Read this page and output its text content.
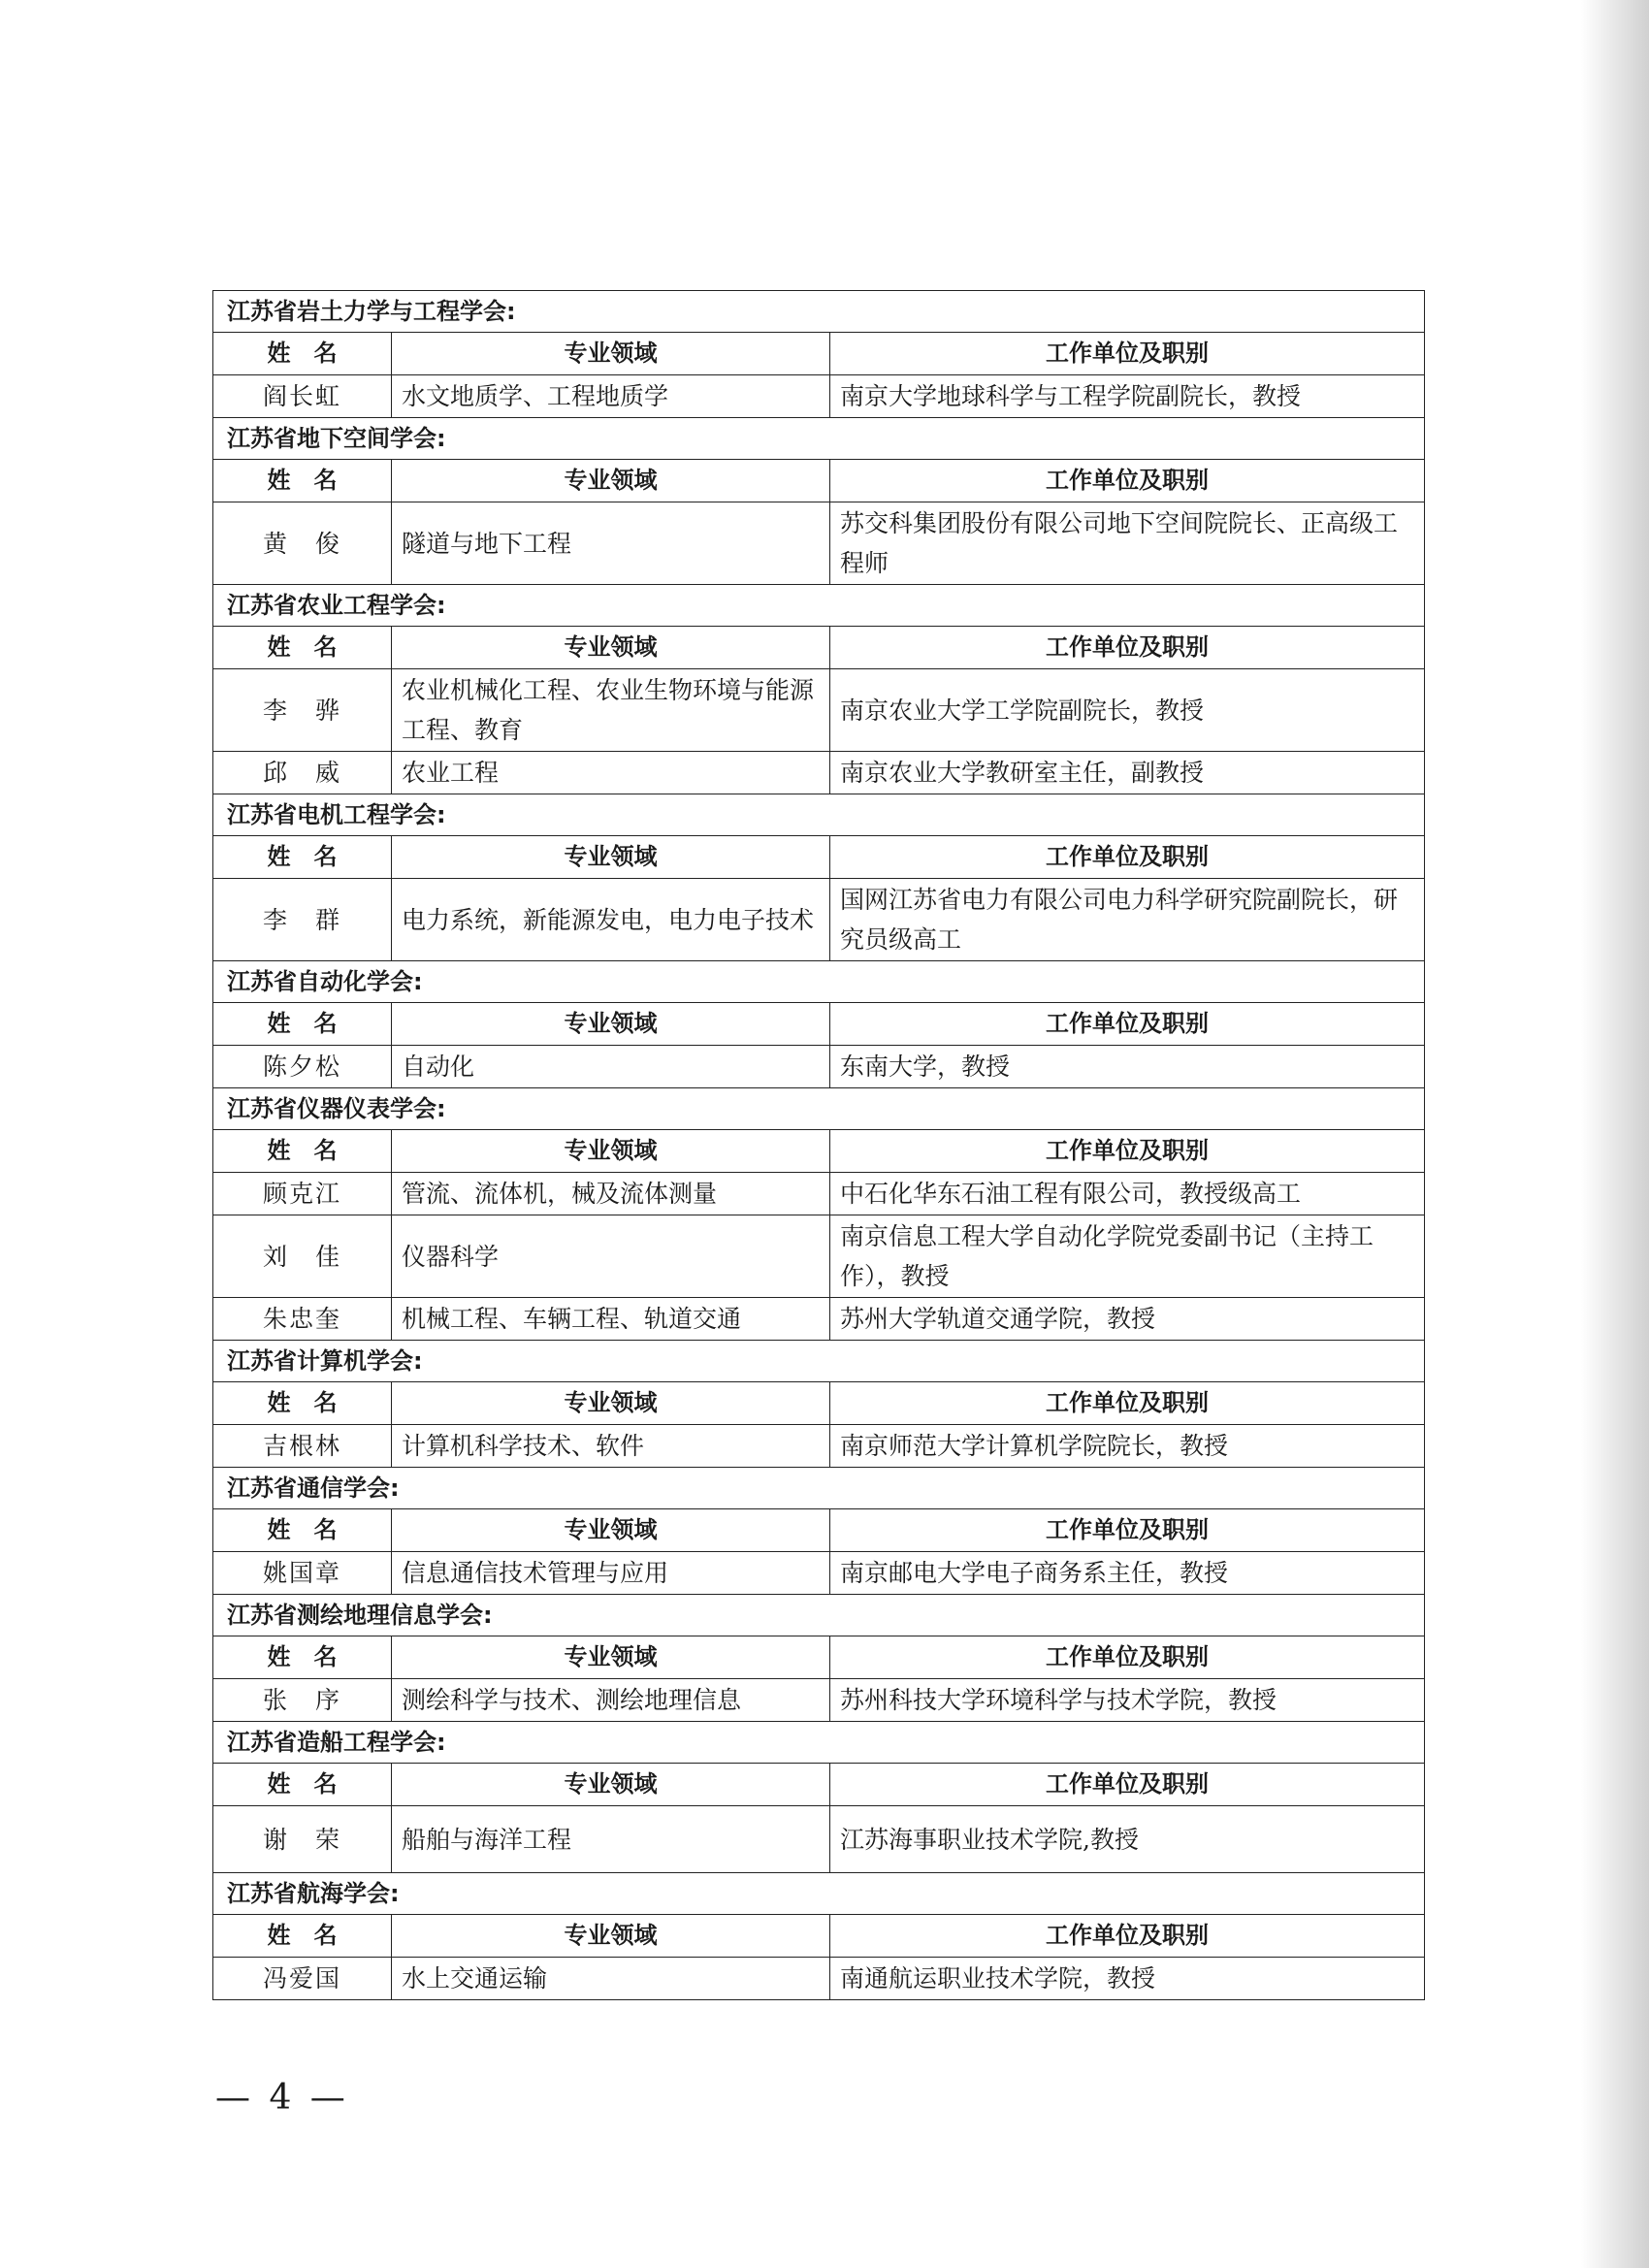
江苏省岩土力学与工程学会:		
姓　名	专业领域	工作单位及职别
阎长虹	水文地质学、工程地质学	南京大学地球科学与工程学院副院长，教授
江苏省地下空间学会:		
姓　名	专业领域	工作单位及职别
黄　俊	隧道与地下工程	苏交科集团股份有限公司地下空间院院长、正高级工程师
江苏省农业工程学会:		
姓　名	专业领域	工作单位及职别
李　骅	农业机械化工程、农业生物环境与能源工程、教育	南京农业大学工学院副院长，教授
邱　威	农业工程	南京农业大学教研室主任，副教授
江苏省电机工程学会:		
姓　名	专业领域	工作单位及职别
李　群	电力系统，新能源发电，电力电子技术	国网江苏省电力有限公司电力科学研究院副院长，研究员级高工
江苏省自动化学会:		
姓　名	专业领域	工作单位及职别
陈夕松	自动化	东南大学，教授
江苏省仪器仪表学会:		
姓　名	专业领域	工作单位及职别
顾克江	管流、流体机，械及流体测量	中石化华东石油工程有限公司，教授级高工
刘　佳	仪器科学	南京信息工程大学自动化学院党委副书记（主持工作），教授
朱忠奎	机械工程、车辆工程、轨道交通	苏州大学轨道交通学院，教授
江苏省计算机学会:		
姓　名	专业领域	工作单位及职别
吉根林	计算机科学技术、软件	南京师范大学计算机学院院长，教授
江苏省通信学会:		
姓　名	专业领域	工作单位及职别
姚国章	信息通信技术管理与应用	南京邮电大学电子商务系主任，教授
江苏省测绘地理信息学会:		
姓　名	专业领域	工作单位及职别
张　序	测绘科学与技术、测绘地理信息	苏州科技大学环境科学与技术学院，教授
江苏省造船工程学会:		
姓　名	专业领域	工作单位及职别
谢　荣	船舶与海洋工程	江苏海事职业技术学院,教授
江苏省航海学会:		
姓　名	专业领域	工作单位及职别
冯爱国	水上交通运输	南通航运职业技术学院，教授
— 4 —
